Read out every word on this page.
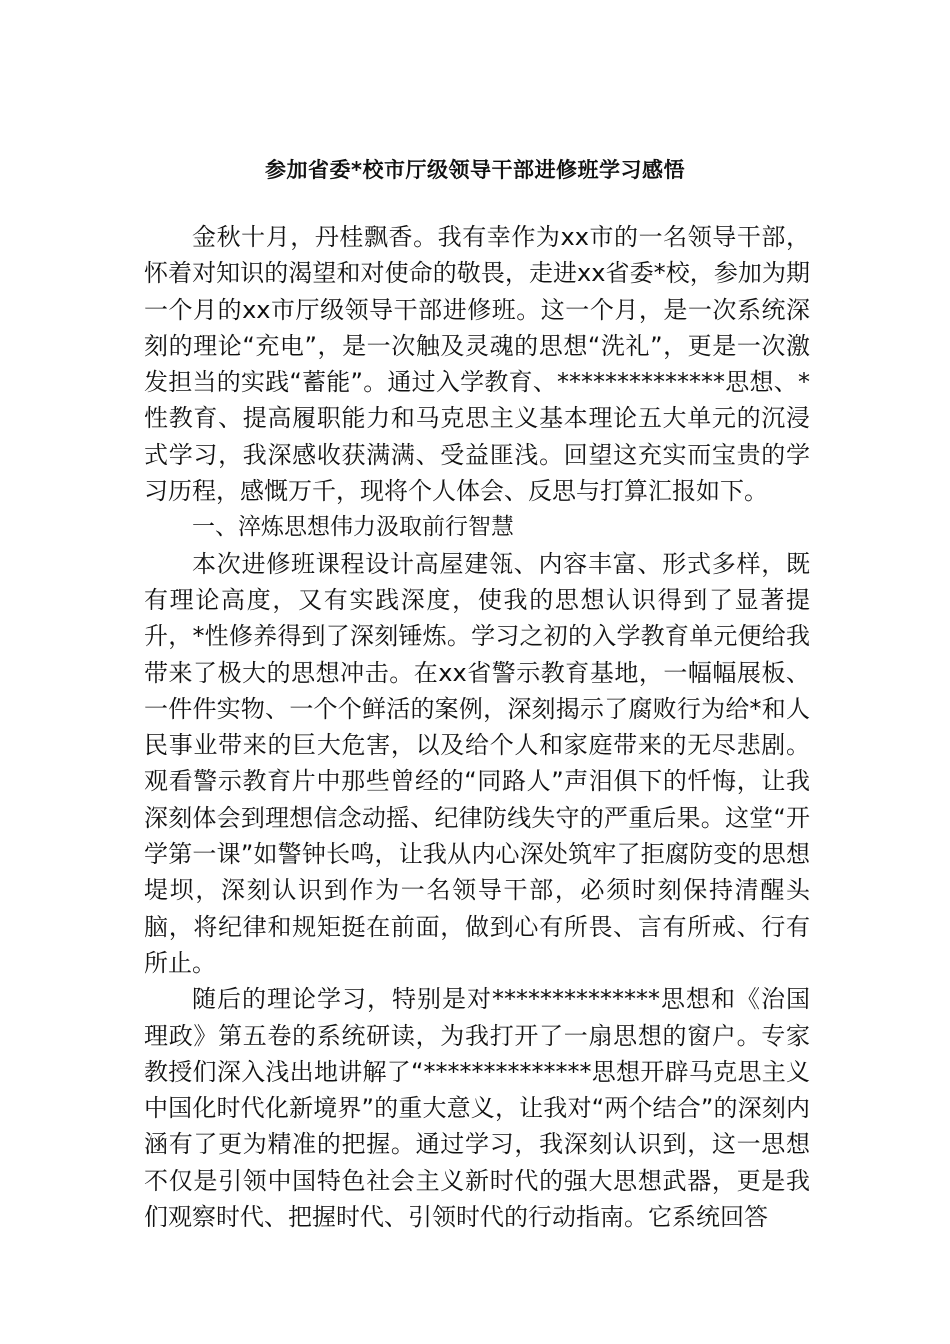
参加省委*校市厅级领导干部进修班学习感悟

金秋十月，丹桂飘香。我有幸作为xx市的一名领导干部，怀着对知识的渴望和对使命的敬畏，走进xx省委*校，参加为期一个月的xx市厅级领导干部进修班。这一个月，是一次系统深刻的理论“充电”，是一次触及灵魂的思想“洗礼”，更是一次激发担当的实践“蓄能”。通过入学教育、**************思想、*性教育、提高履职能力和马克思主义基本理论五大单元的沉浸式学习，我深感收获满满、受益匪浅。回望这充实而宝贵的学习历程，感慨万千，现将个人体会、反思与打算汇报如下。

一、淬炼思想伟力汲取前行智慧

本次进修班课程设计高屋建瓴、内容丰富、形式多样，既有理论高度，又有实践深度，使我的思想认识得到了显著提升，*性修养得到了深刻锤炼。学习之初的入学教育单元便给我带来了极大的思想冲击。在xx省警示教育基地，一幅幅展板、一件件实物、一个个鲜活的案例，深刻揭示了腐败行为给*和人民事业带来的巨大危害，以及给个人和家庭带来的无尽悲剧。观看警示教育片中那些曾经的“同路人”声泪俱下的忏悔，让我深刻体会到理想信念动摇、纪律防线失守的严重后果。这堂“开学第一课”如警钟长鸣，让我从内心深处筑牢了拒腐防变的思想堤坝，深刻认识到作为一名领导干部，必须时刻保持清醒头脑，将纪律和规矩挺在前面，做到心有所畏、言有所戒、行有所止。

随后的理论学习，特别是对**************思想和《治国理政》第五卷的系统研读，为我打开了一扇思想的窗户。专家教授们深入浅出地讲解了“**************思想开辟马克思主义中国化时代化新境界”的重大意义，让我对“两个结合”的深刻内涵有了更为精准的把握。通过学习，我深刻认识到，这一思想不仅是引领中国特色社会主义新时代的强大思想武器，更是我们观察时代、把握时代、引领时代的行动指南。它系统回答
